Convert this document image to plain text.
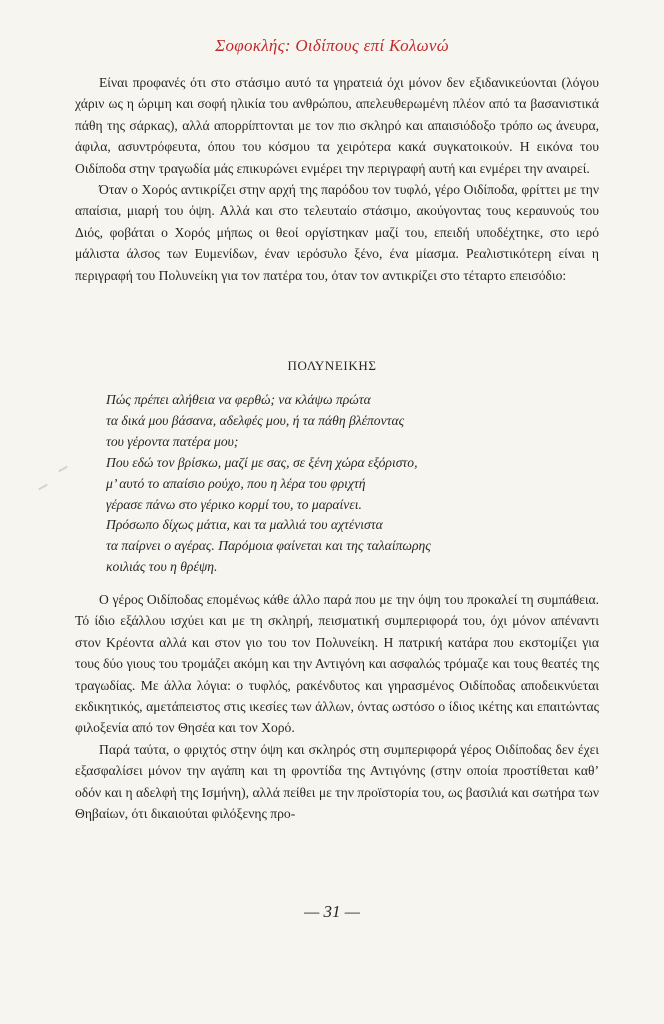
Σοφοκλής: Οιδίπους επί Κολωνώ

Είναι προφανές ότι στο στάσιμο αυτό τα γηρατειά όχι μόνον δεν εξιδανικεύονται (λόγου χάριν ως η ώριμη και σοφή ηλικία του ανθρώπου, απελευθερωμένη πλέον από τα βασανιστικά πάθη της σάρκας), αλλά απορρίπτονται με τον πιο σκληρό και απαισιόδοξο τρόπο ως άνευρα, άφιλα, ασυντρόφευτα, όπου του κόσμου τα χειρότερα κακά συγκατοικούν. Η εικόνα του Οιδίποδα στην τραγωδία μάς επικυρώνει ενμέρει την περιγραφή αυτή και ενμέρει την αναιρεί.

Όταν ο Χορός αντικρίζει στην αρχή της παρόδου τον τυφλό, γέρο Οιδίποδα, φρίττει με την απαίσια, μιαρή του όψη. Αλλά και στο τελευταίο στάσιμο, ακούγοντας τους κεραυνούς του Διός, φοβάται ο Χορός μήπως οι θεοί οργίστηκαν μαζί του, επειδή υποδέχτηκε, στο ιερό μάλιστα άλσος των Ευμενίδων, έναν ιερόσυλο ξένο, ένα μίασμα. Ρεαλιστικότερη είναι η περιγραφή του Πολυνείκη για τον πατέρα του, όταν τον αντικρίζει στο τέταρτο επεισόδιο:

ΠΟΛΥΝΕΙΚΗΣ
Πώς πρέπει αλήθεια να φερθώ; να κλάψω πρώτα
τα δικά μου βάσανα, αδελφές μου, ή τα πάθη βλέποντας
του γέροντα πατέρα μου;
Που εδώ τον βρίσκω, μαζί με σας, σε ξένη χώρα εξόριστο,
μ’ αυτό το απαίσιο ρούχο, που η λέρα του φριχτή
γέρασε πάνω στο γέρικο κορμί του, το μαραίνει.
Πρόσωπο δίχως μάτια, και τα μαλλιά του αχτένιστα
τα παίρνει ο αγέρας. Παρόμοια φαίνεται και της ταλαίπωρης
κοιλιάς του η θρέψη.

Ο γέρος Οιδίποδας επομένως κάθε άλλο παρά που με την όψη του προκαλεί τη συμπάθεια. Τό ίδιο εξάλλου ισχύει και με τη σκληρή, πεισματική συμπεριφορά του, όχι μόνον απέναντι στον Κρέοντα αλλά και στον γιο του τον Πολυνείκη. Η πατρική κατάρα που εκστομίζει για τους δύο γιους του τρομάζει ακόμη και την Αντιγόνη και ασφαλώς τρόμαζε και τους θεατές της τραγωδίας. Με άλλα λόγια: ο τυφλός, ρακένδυτος και γηρασμένος Οιδίποδας αποδεικνύεται εκδικητικός, αμετάπειστος στις ικεσίες των άλλων, όντας ωστόσο ο ίδιος ικέτης και επαιτώντας φιλοξενία από τον Θησέα και τον Χορό.

Παρά ταύτα, ο φριχτός στην όψη και σκληρός στη συμπεριφορά γέρος Οιδίποδας δεν έχει εξασφαλίσει μόνον την αγάπη και τη φροντίδα της Αντιγόνης (στην οποία προστίθεται καθ’ οδόν και η αδελφή της Ισμήνη), αλλά πείθει με την προϊστορία του, ως βασιλιά και σωτήρα των Θηβαίων, ότι δικαιούται φιλόξενης προ-

— 31 —
